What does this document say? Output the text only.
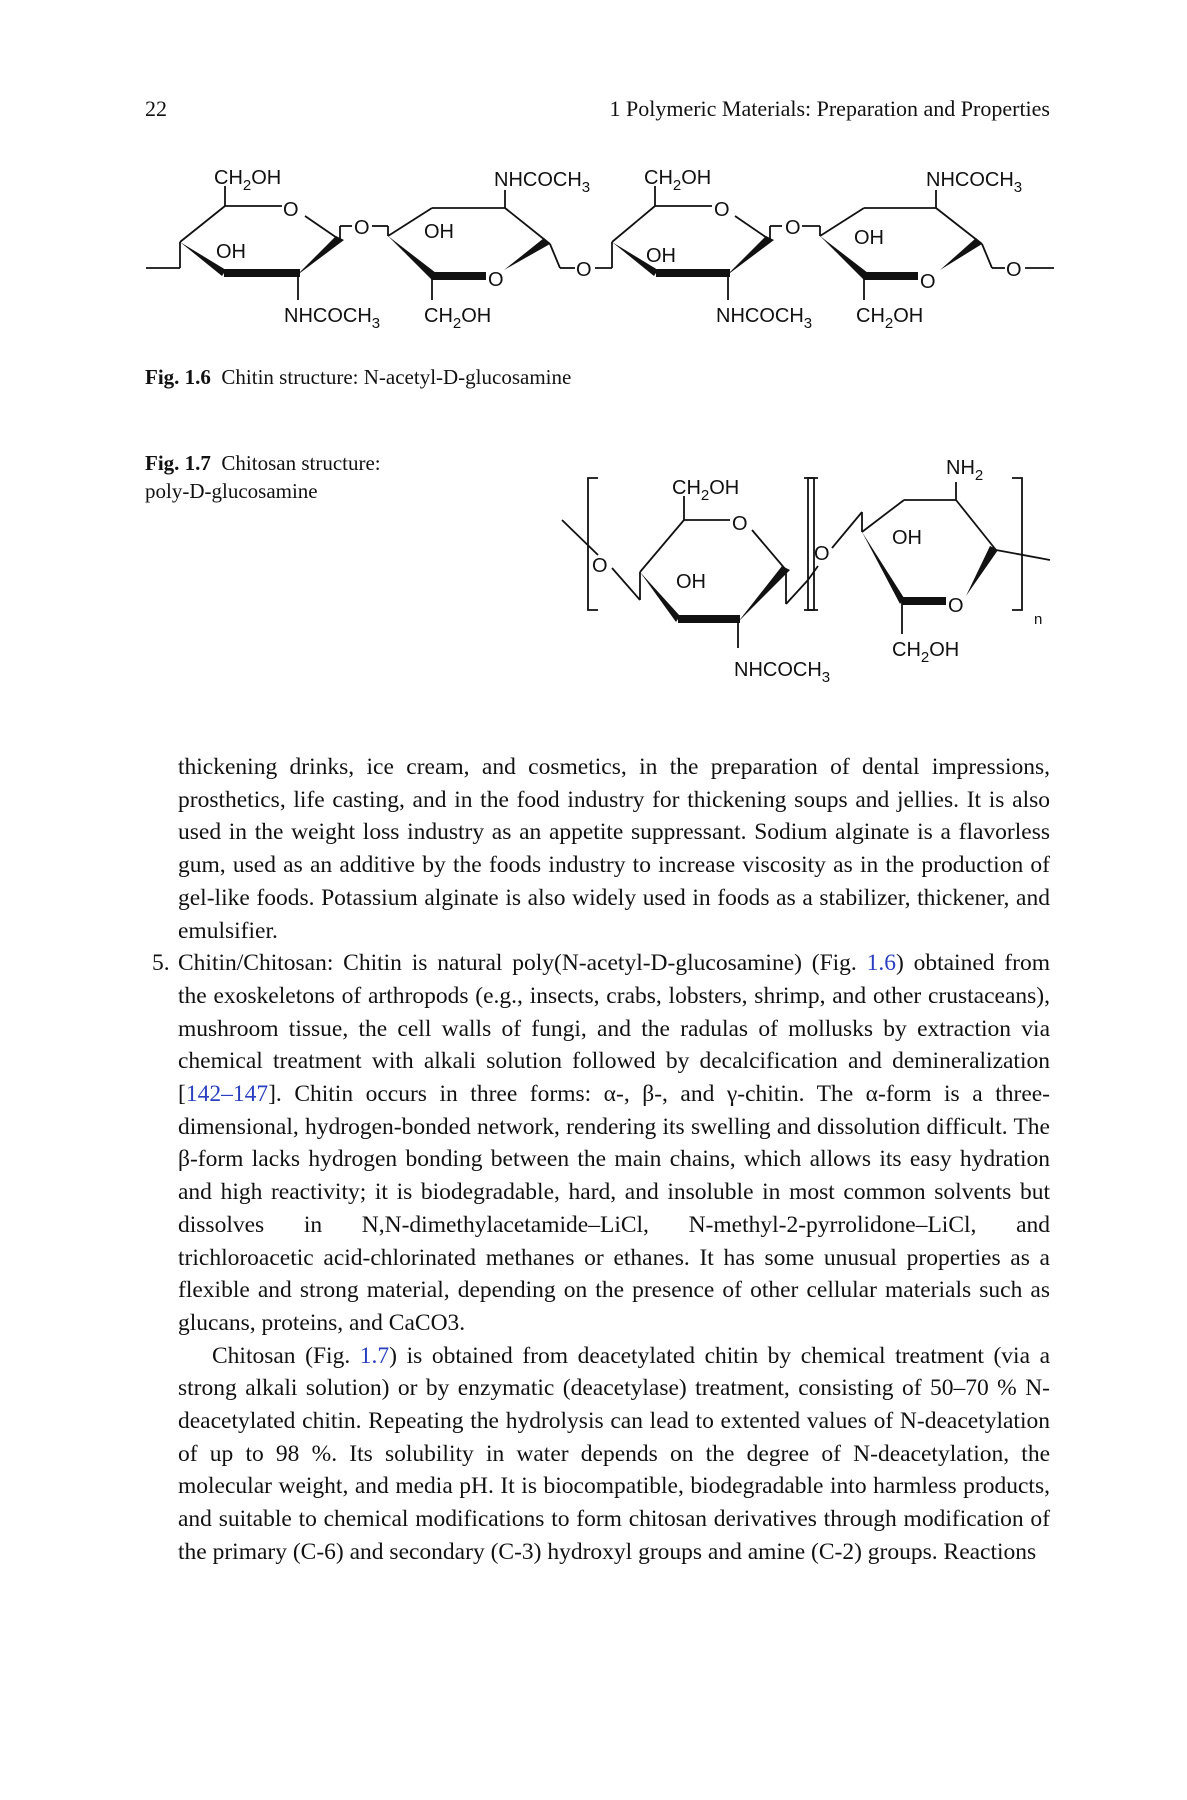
22	1 Polymeric Materials: Preparation and Properties
$CH_2OH$
O
OH
$NHCOCH_3$
O
$NHCOCH_3$
OH
O
$CH_2OH$
O
$CH_2OH$
O
OH
$NHCOCH_3$
O
$NHCOCH_3$
OH
O
$CH_2OH$
O
$CH_2OH$
O
O
OH
$NHCOCH_3$
O
$NH_2$
OH
O
$CH_2OH$
n
Fig. 1.6 Chitin structure: N-acetyl-D-glucosamine
Fig. 1.7 Chitosan structure:
poly-D-glucosamine

thickening drinks, ice cream, and cosmetics, in the preparation of dental impressions, prosthetics, life casting, and in the food industry for thickening soups and jellies. It is also used in the weight loss industry as an appetite suppressant. Sodium alginate is a flavorless gum, used as an additive by the foods industry to increase viscosity as in the production of gel-like foods. Potassium alginate is also widely used in foods as a stabilizer, thickener, and emulsifier.

5. Chitin/Chitosan: Chitin is natural poly(N-acetyl-D-glucosamine) (Fig. 1.6) obtained from the exoskeletons of arthropods (e.g., insects, crabs, lobsters, shrimp, and other crustaceans), mushroom tissue, the cell walls of fungi, and the radulas of mollusks by extraction via chemical treatment with alkali solution followed by decalcification and demineralization [142–147]. Chitin occurs in three forms: α-, β-, and γ-chitin. The α-form is a three-dimensional, hydrogen-bonded network, rendering its swelling and dissolution difficult. The β-form lacks hydrogen bonding between the main chains, which allows its easy hydration and high reactivity; it is biodegradable, hard, and insoluble in most common solvents but dissolves in N,N-dimethylacetamide–LiCl, N-methyl-2-pyrrolidone–LiCl, and trichloroacetic acid-chlorinated methanes or ethanes. It has some unusual properties as a flexible and strong material, depending on the presence of other cellular materials such as glucans, proteins, and CaCO3.

Chitosan (Fig. 1.7) is obtained from deacetylated chitin by chemical treatment (via a strong alkali solution) or by enzymatic (deacetylase) treatment, consisting of 50–70 % N-deacetylated chitin. Repeating the hydrolysis can lead to extented values of N-deacetylation of up to 98 %. Its solubility in water depends on the degree of N-deacetylation, the molecular weight, and media pH. It is biocompatible, biodegradable into harmless products, and suitable to chemical modifications to form chitosan derivatives through modification of the primary (C-6) and secondary (C-3) hydroxyl groups and amine (C-2) groups. Reactions
